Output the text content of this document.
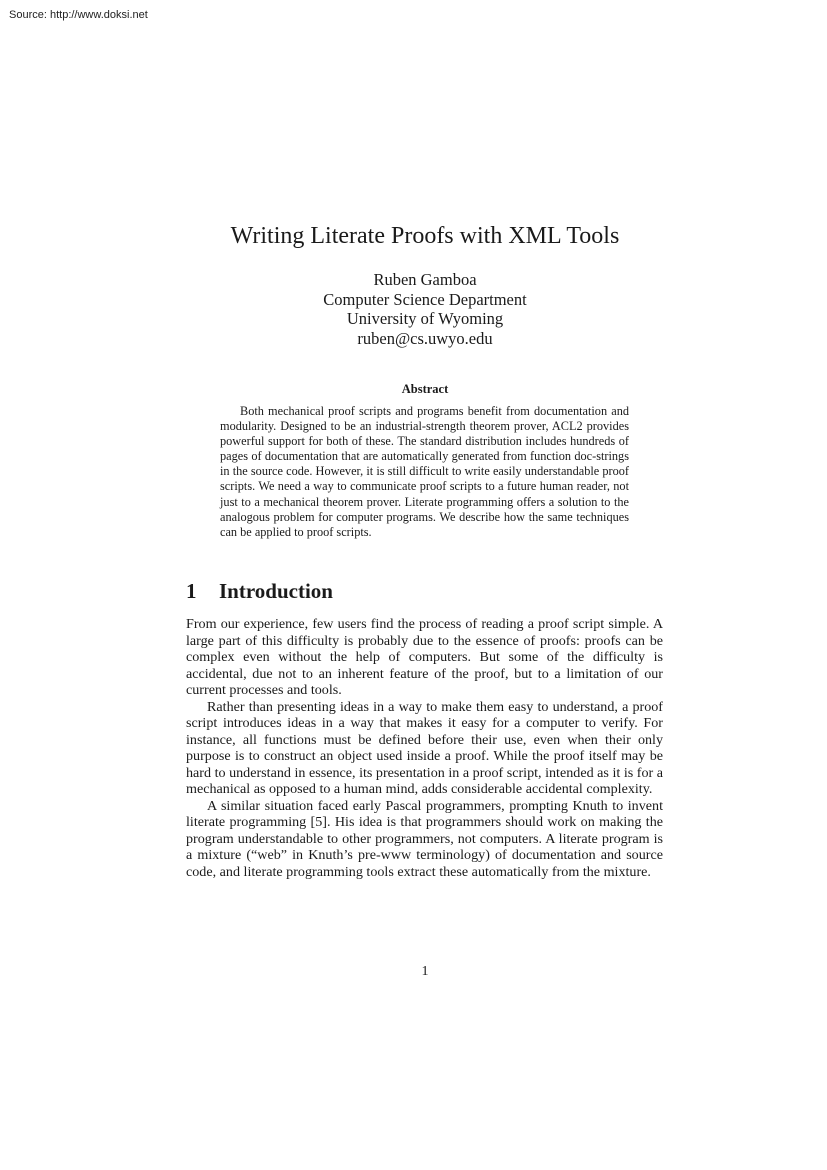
Source: http://www.doksi.net
Writing Literate Proofs with XML Tools
Ruben Gamboa
Computer Science Department
University of Wyoming
ruben@cs.uwyo.edu
Abstract

Both mechanical proof scripts and programs benefit from documentation and modularity. Designed to be an industrial-strength theorem prover, ACL2 provides powerful support for both of these. The standard distribution includes hundreds of pages of documentation that are automatically generated from function doc-strings in the source code. However, it is still difficult to write easily understandable proof scripts. We need a way to communicate proof scripts to a future human reader, not just to a mechanical theorem prover. Literate programming offers a solution to the analogous problem for computer programs. We describe how the same techniques can be applied to proof scripts.

1 Introduction

From our experience, few users find the process of reading a proof script simple. A large part of this difficulty is probably due to the essence of proofs: proofs can be complex even without the help of computers. But some of the difficulty is accidental, due not to an inherent feature of the proof, but to a limitation of our current processes and tools.

Rather than presenting ideas in a way to make them easy to understand, a proof script introduces ideas in a way that makes it easy for a computer to verify. For instance, all functions must be defined before their use, even when their only purpose is to construct an object used inside a proof. While the proof itself may be hard to understand in essence, its presentation in a proof script, intended as it is for a mechanical as opposed to a human mind, adds considerable accidental complexity.

A similar situation faced early Pascal programmers, prompting Knuth to invent literate programming [5]. His idea is that programmers should work on making the program understandable to other programmers, not computers. A literate program is a mixture (“web” in Knuth’s pre-www terminology) of documentation and source code, and literate programming tools extract these automatically from the mixture.

1
